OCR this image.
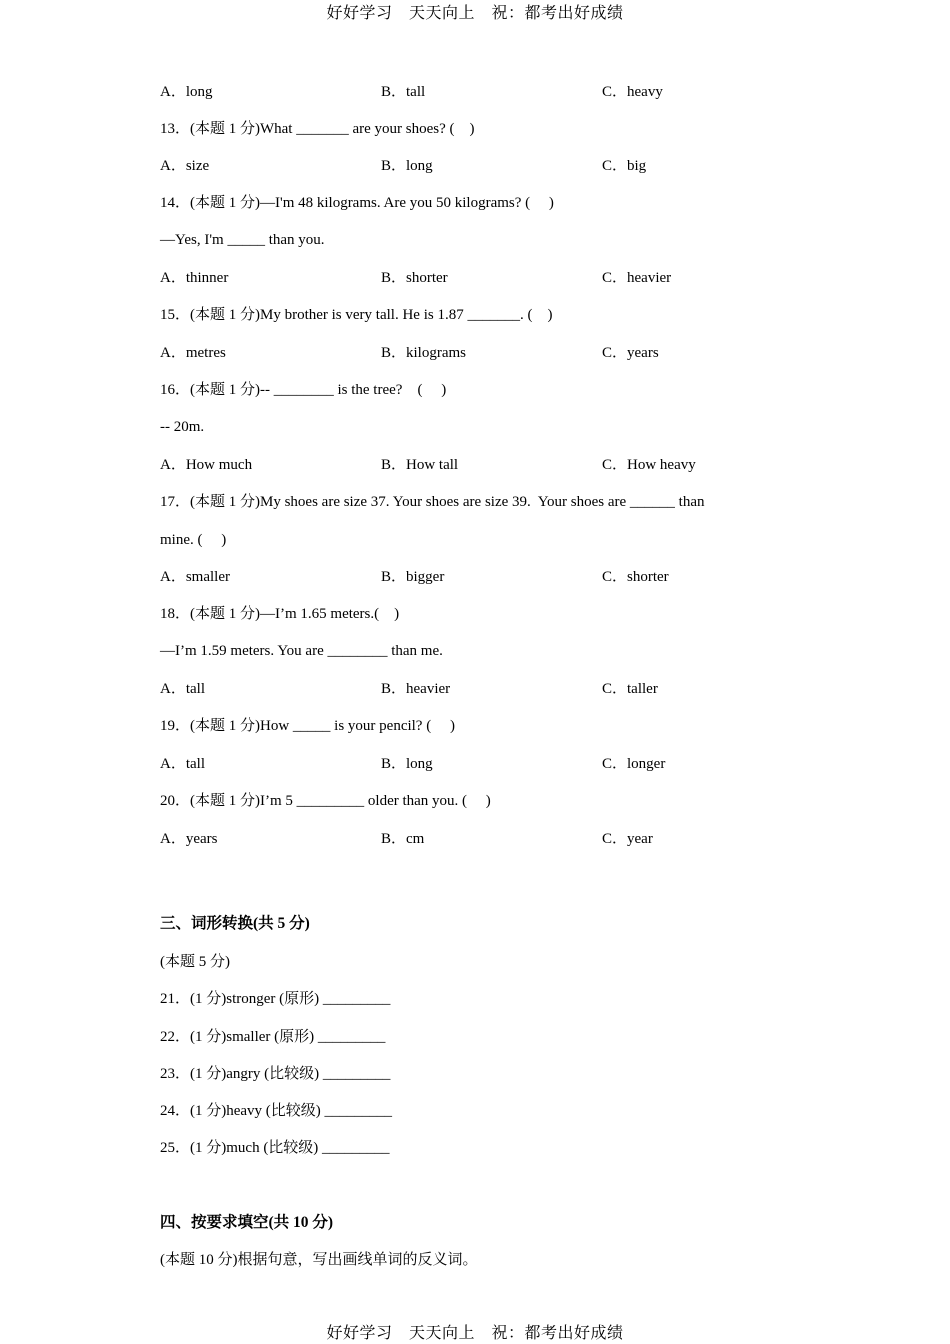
好好学习　天天向上　祝：都考出好成绩
A．long	B．tall	C．heavy
13．(本题 1 分)What _______ are your shoes? (    )
A．size	B．long	C．big
14．(本题 1 分)—I'm 48 kilograms. Are you 50 kilograms? (     )
—Yes, I'm _____ than you.
A．thinner	B．shorter	C．heavier
15．(本题 1 分)My brother is very tall. He is 1.87 _______. (    )
A．metres	B．kilograms	C．years
16．(本题 1 分)-- ________ is the tree?    (     )
-- 20m.
A．How much	B．How tall	C．How heavy
17．(本题 1 分)My shoes are size 37. Your shoes are size 39.  Your shoes are ______ than
mine. (     )
A．smaller	B．bigger	C．shorter
18．(本题 1 分)—I’m 1.65 meters.(    )
—I’m 1.59 meters. You are ________ than me.
A．tall	B．heavier	C．taller
19．(本题 1 分)How _____ is your pencil? (     )
A．tall	B．long	C．longer
20．(本题 1 分)I’m 5 _________ older than you. (     )
A．years	B．cm	C．year
三、词形转换(共 5 分)
(本题 5 分)
21．(1 分)stronger (原形) _________
22．(1 分)smaller (原形) _________
23．(1 分)angry (比较级) _________
24．(1 分)heavy (比较级) _________
25．(1 分)much (比较级) _________
四、按要求填空(共 10 分)
(本题 10 分)根据句意，写出画线单词的反义词。
好好学习　天天向上　祝：都考出好成绩
